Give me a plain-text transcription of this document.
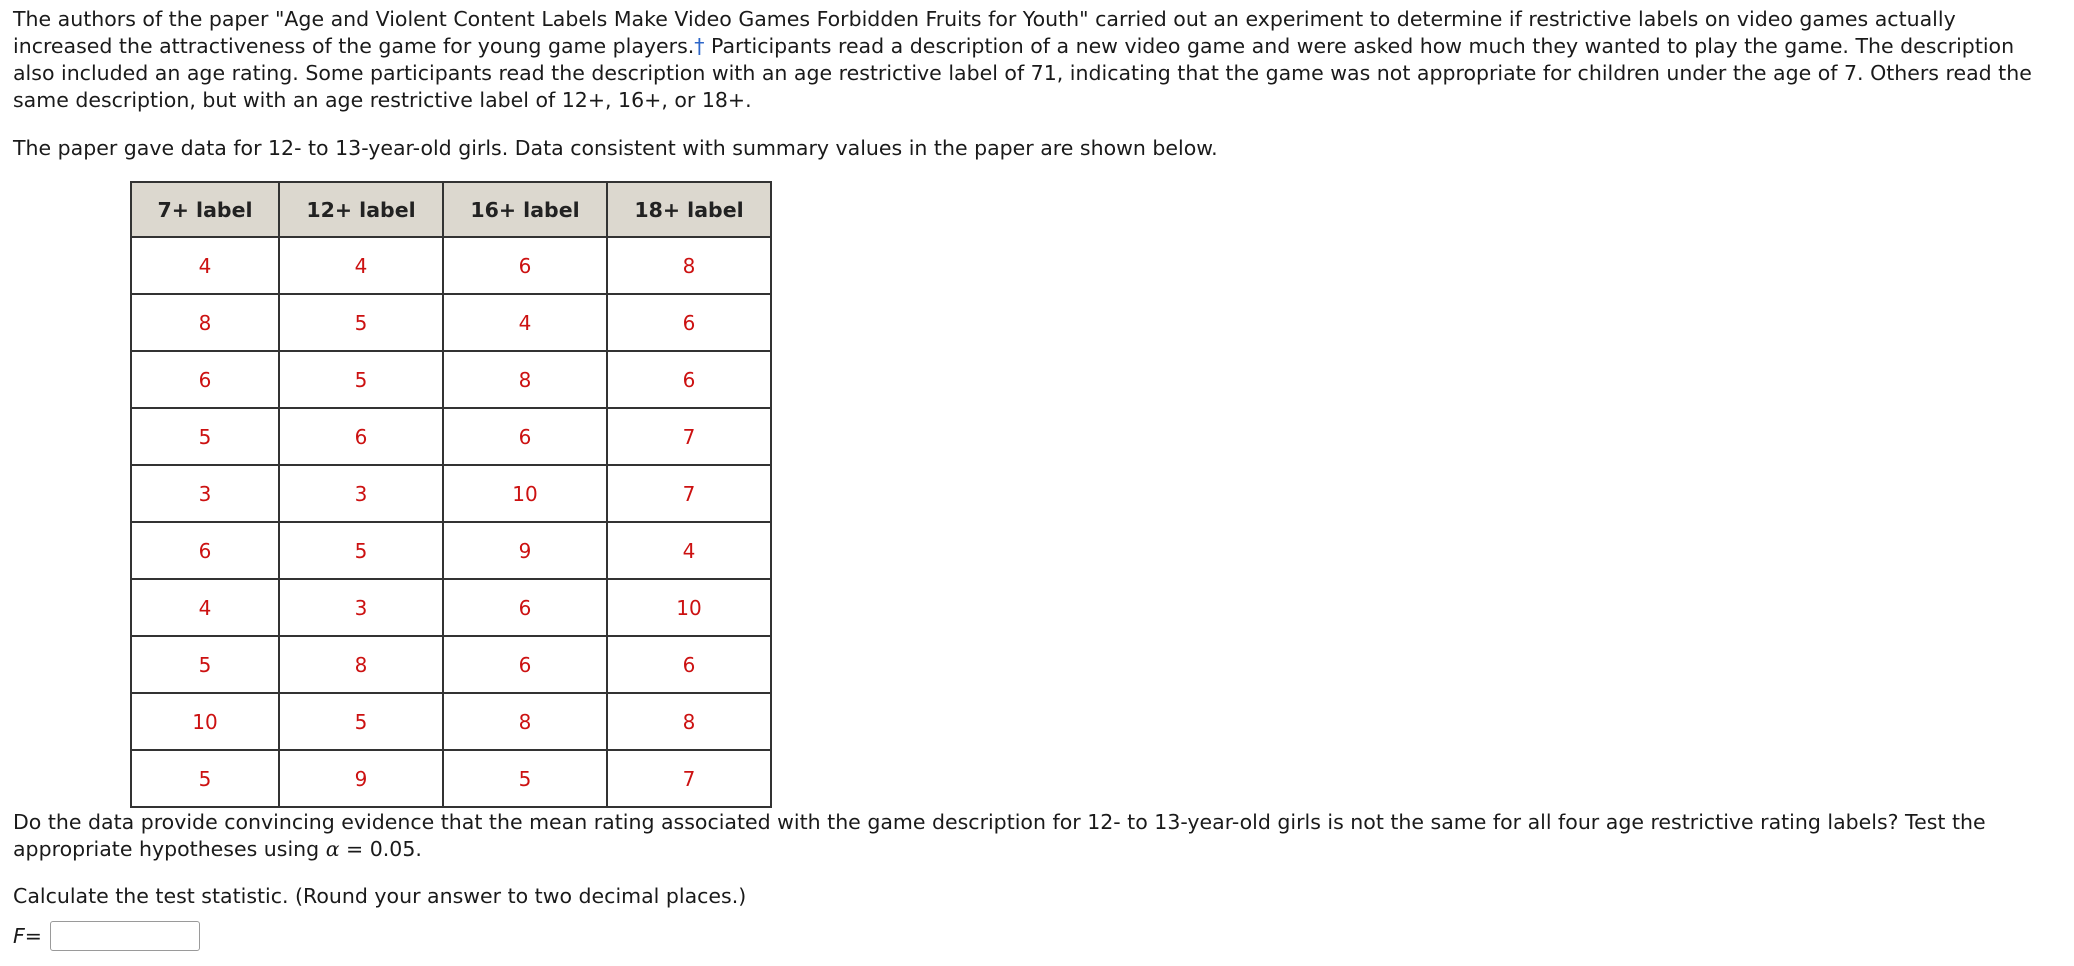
The authors of the paper "Age and Violent Content Labels Make Video Games Forbidden Fruits for Youth" carried out an experiment to determine if restrictive labels on video games actually increased the attractiveness of the game for young game players.† Participants read a description of a new video game and were asked how much they wanted to play the game. The description also included an age rating. Some participants read the description with an age restrictive label of 71, indicating that the game was not appropriate for children under the age of 7. Others read the same description, but with an age restrictive label of 12+, 16+, or 18+.

The paper gave data for 12- to 13-year-old girls. Data consistent with summary values in the paper are shown below.

7+ label	12+ label	16+ label	18+ label
4	4	6	8
8	5	4	6
6	5	8	6
5	6	6	7
3	3	10	7
6	5	9	4
4	3	6	10
5	8	6	6
10	5	8	8
5	9	5	7

Do the data provide convincing evidence that the mean rating associated with the game description for 12- to 13-year-old girls is not the same for all four age restrictive rating labels? Test the appropriate hypotheses using α = 0.05.

Calculate the test statistic. (Round your answer to two decimal places.)

F =
